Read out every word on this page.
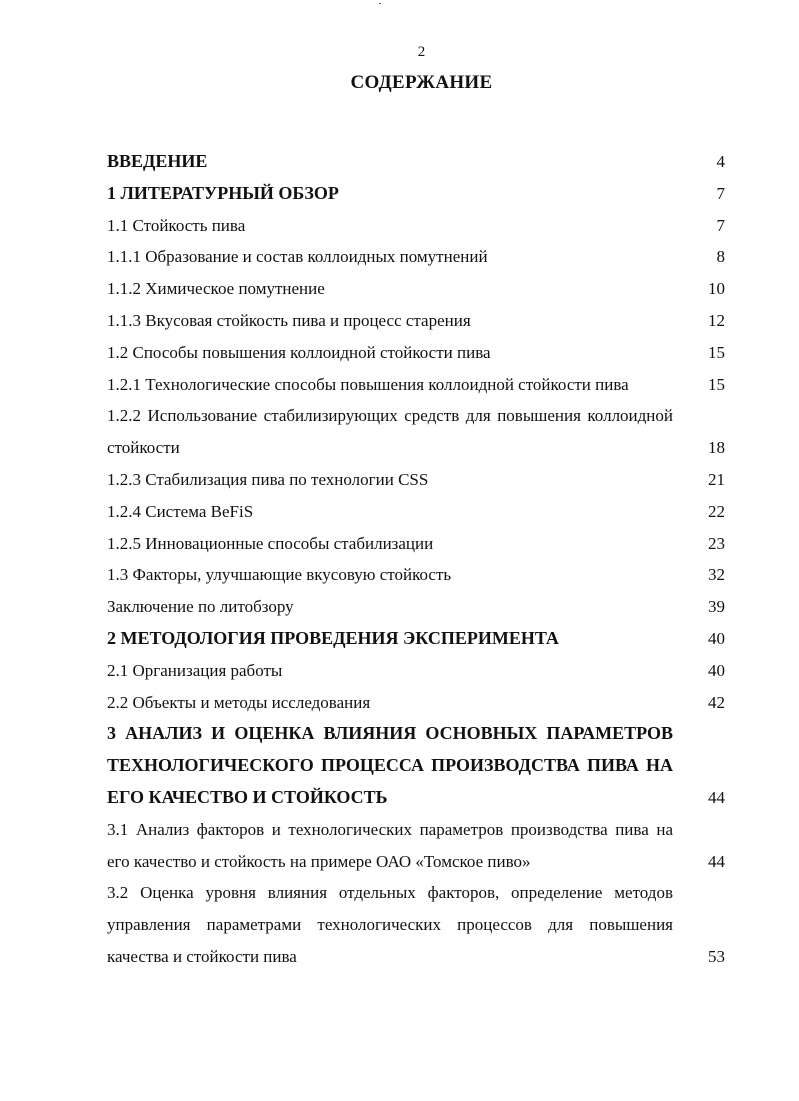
2
СОДЕРЖАНИЕ
ВВЕДЕНИЕ	4
1 ЛИТЕРАТУРНЫЙ ОБЗОР	7
1.1 Стойкость пива	7
1.1.1 Образование и состав коллоидных помутнений	8
1.1.2 Химическое помутнение	10
1.1.3 Вкусовая стойкость пива и процесс старения	12
1.2 Способы повышения коллоидной стойкости пива	15
1.2.1 Технологические способы повышения коллоидной стойкости пива	15
1.2.2 Использование стабилизирующих средств для повышения коллоидной стойкости	18
1.2.3 Стабилизация пива по технологии CSS	21
1.2.4 Система BeFiS	22
1.2.5 Инновационные способы стабилизации	23
1.3 Факторы, улучшающие вкусовую стойкость	32
Заключение по литобзору	39
2 МЕТОДОЛОГИЯ ПРОВЕДЕНИЯ ЭКСПЕРИМЕНТА	40
2.1 Организация работы	40
2.2 Объекты и методы исследования	42
3 АНАЛИЗ И ОЦЕНКА ВЛИЯНИЯ ОСНОВНЫХ ПАРАМЕТРОВ ТЕХНОЛОГИЧЕСКОГО ПРОЦЕССА ПРОИЗВОДСТВА ПИВА НА ЕГО КАЧЕСТВО И СТОЙКОСТЬ	44
3.1 Анализ факторов и технологических параметров производства пива на его качество и стойкость на примере ОАО «Томское пиво»	44
3.2 Оценка уровня влияния отдельных факторов, определение методов управления параметрами технологических процессов для повышения качества и стойкости пива	53
